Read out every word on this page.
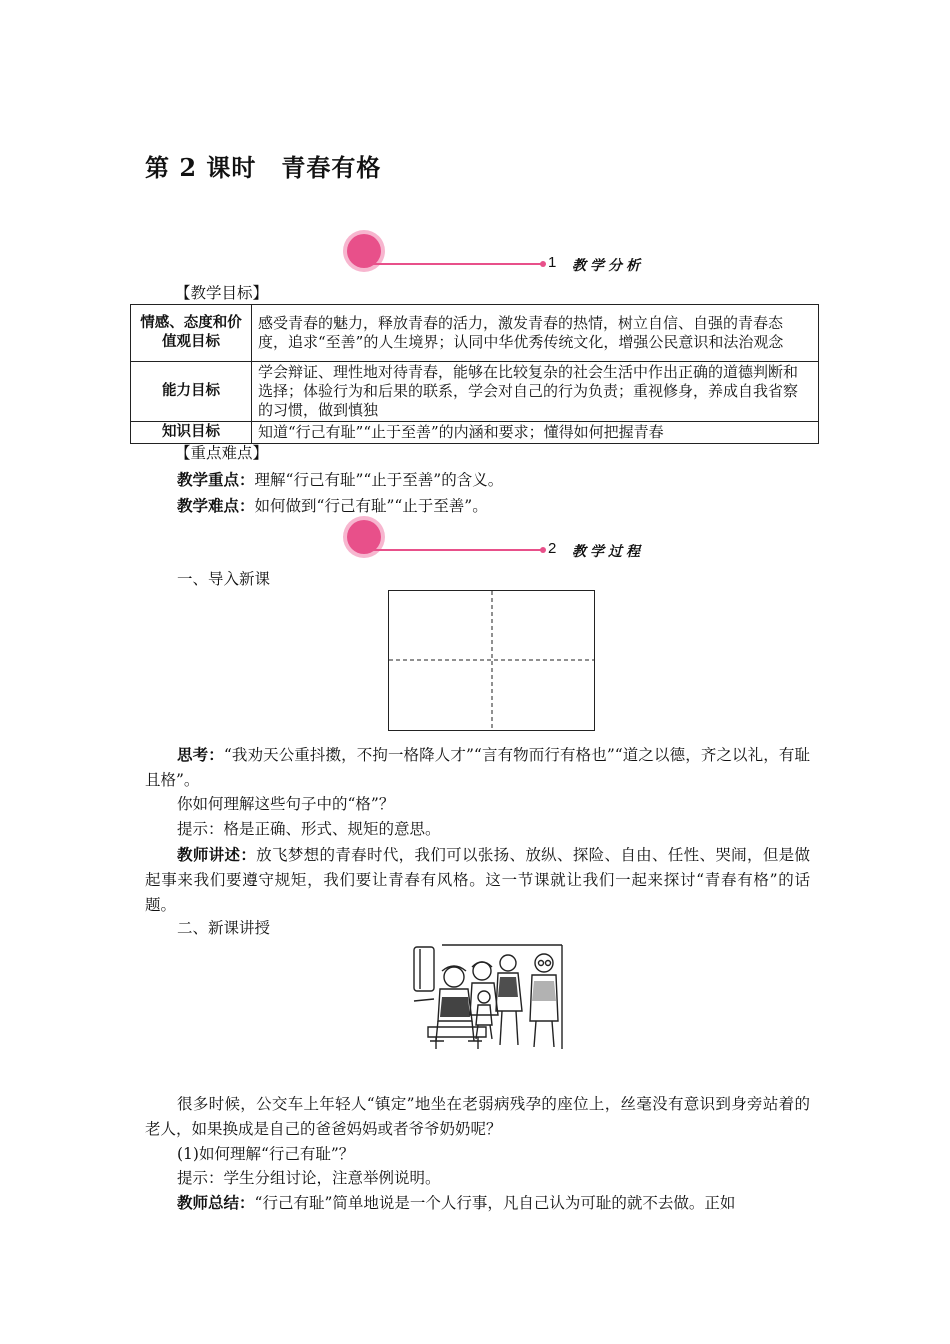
第 2 课时　青春有格
1 教学分析
【教学目标】
情感、态度和价值观目标	感受青春的魅力，释放青春的活力，激发青春的热情，树立自信、自强的青春态度，追求“至善”的人生境界；认同中华优秀传统文化，增强公民意识和法治观念
能力目标	学会辩证、理性地对待青春，能够在比较复杂的社会生活中作出正确的道德判断和选择；体验行为和后果的联系，学会对自己的行为负责；重视修身，养成自我省察的习惯，做到慎独
知识目标	知道“行己有耻”“止于至善”的内涵和要求；懂得如何把握青春
【重点难点】
教学重点：理解“行己有耻”“止于至善”的含义。
教学难点：如何做到“行己有耻”“止于至善”。
2 教学过程
一、导入新课
思考：“我劝天公重抖擞，不拘一格降人才”“言有物而行有格也”“道之以德，齐之以礼，有耻且格”。
你如何理解这些句子中的“格”？
提示：格是正确、形式、规矩的意思。
教师讲述：放飞梦想的青春时代，我们可以张扬、放纵、探险、自由、任性、哭闹，但是做起事来我们要遵守规矩，我们要让青春有风格。这一节课就让我们一起来探讨“青春有格”的话题。
二、新课讲授
很多时候，公交车上年轻人“镇定”地坐在老弱病残孕的座位上，丝毫没有意识到身旁站着的老人，如果换成是自己的爸爸妈妈或者爷爷奶奶呢？
(1)如何理解“行己有耻”？
提示：学生分组讨论，注意举例说明。
教师总结：“行己有耻”简单地说是一个人行事，凡自己认为可耻的就不去做。正如
